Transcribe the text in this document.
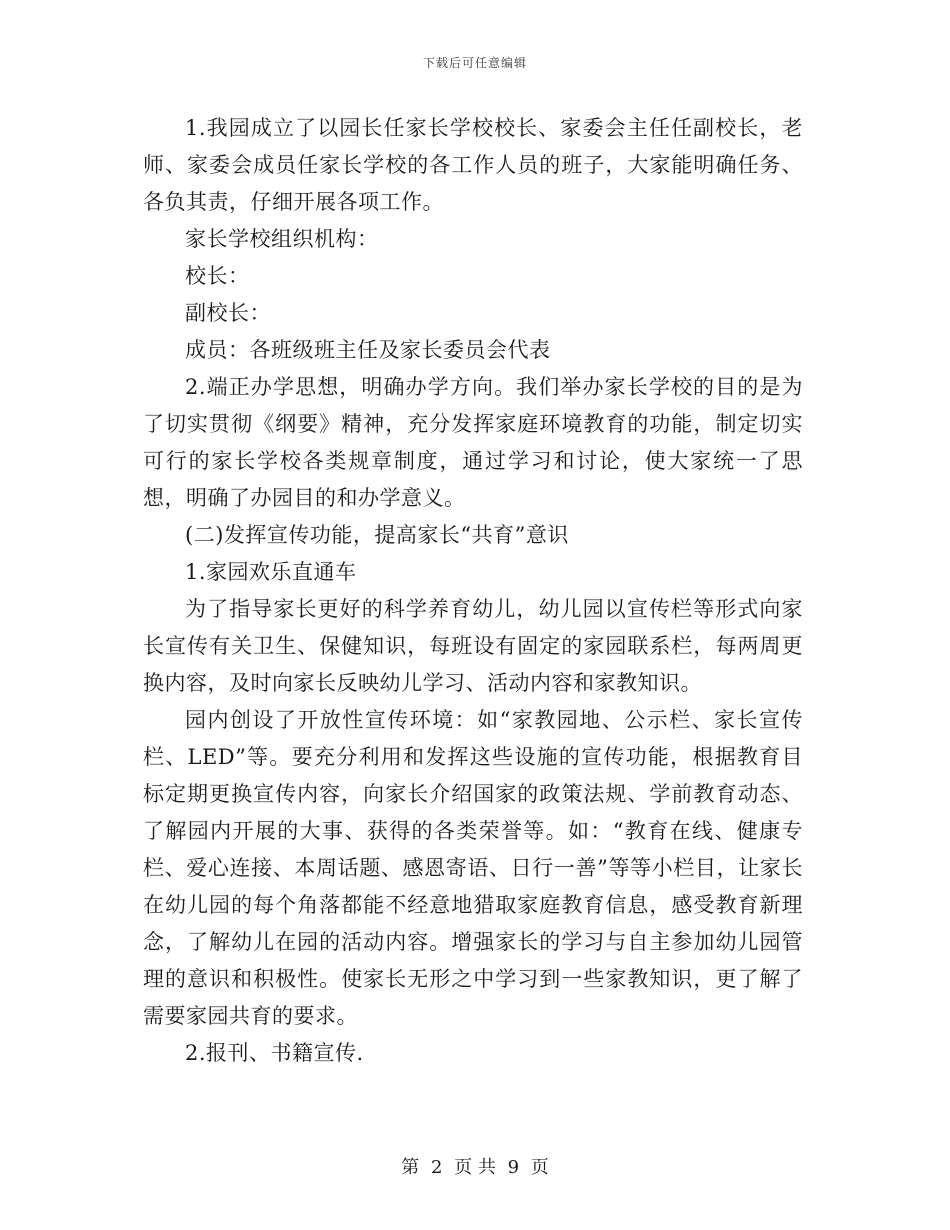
下载后可任意编辑

1.我园成立了以园长任家长学校校长、家委会主任任副校长，老师、家委会成员任家长学校的各工作人员的班子，大家能明确任务、各负其责，仔细开展各项工作。

家长学校组织机构：

校长：

副校长：

成员：各班级班主任及家长委员会代表

2.端正办学思想，明确办学方向。我们举办家长学校的目的是为了切实贯彻《纲要》精神，充分发挥家庭环境教育的功能，制定切实可行的家长学校各类规章制度，通过学习和讨论，使大家统一了思想，明确了办园目的和办学意义。

(二)发挥宣传功能，提高家长“共育”意识

1.家园欢乐直通车

为了指导家长更好的科学养育幼儿，幼儿园以宣传栏等形式向家长宣传有关卫生、保健知识，每班设有固定的家园联系栏，每两周更换内容，及时向家长反映幼儿学习、活动内容和家教知识。

园内创设了开放性宣传环境：如“家教园地、公示栏、家长宣传栏、LED”等。要充分利用和发挥这些设施的宣传功能，根据教育目标定期更换宣传内容，向家长介绍国家的政策法规、学前教育动态、了解园内开展的大事、获得的各类荣誉等。如：“教育在线、健康专栏、爱心连接、本周话题、感恩寄语、日行一善”等等小栏目，让家长在幼儿园的每个角落都能不经意地猎取家庭教育信息，感受教育新理念，了解幼儿在园的活动内容。增强家长的学习与自主参加幼儿园管理的意识和积极性。使家长无形之中学习到一些家教知识，更了解了需要家园共育的要求。

2.报刊、书籍宣传.

第 2 页 共 9 页
